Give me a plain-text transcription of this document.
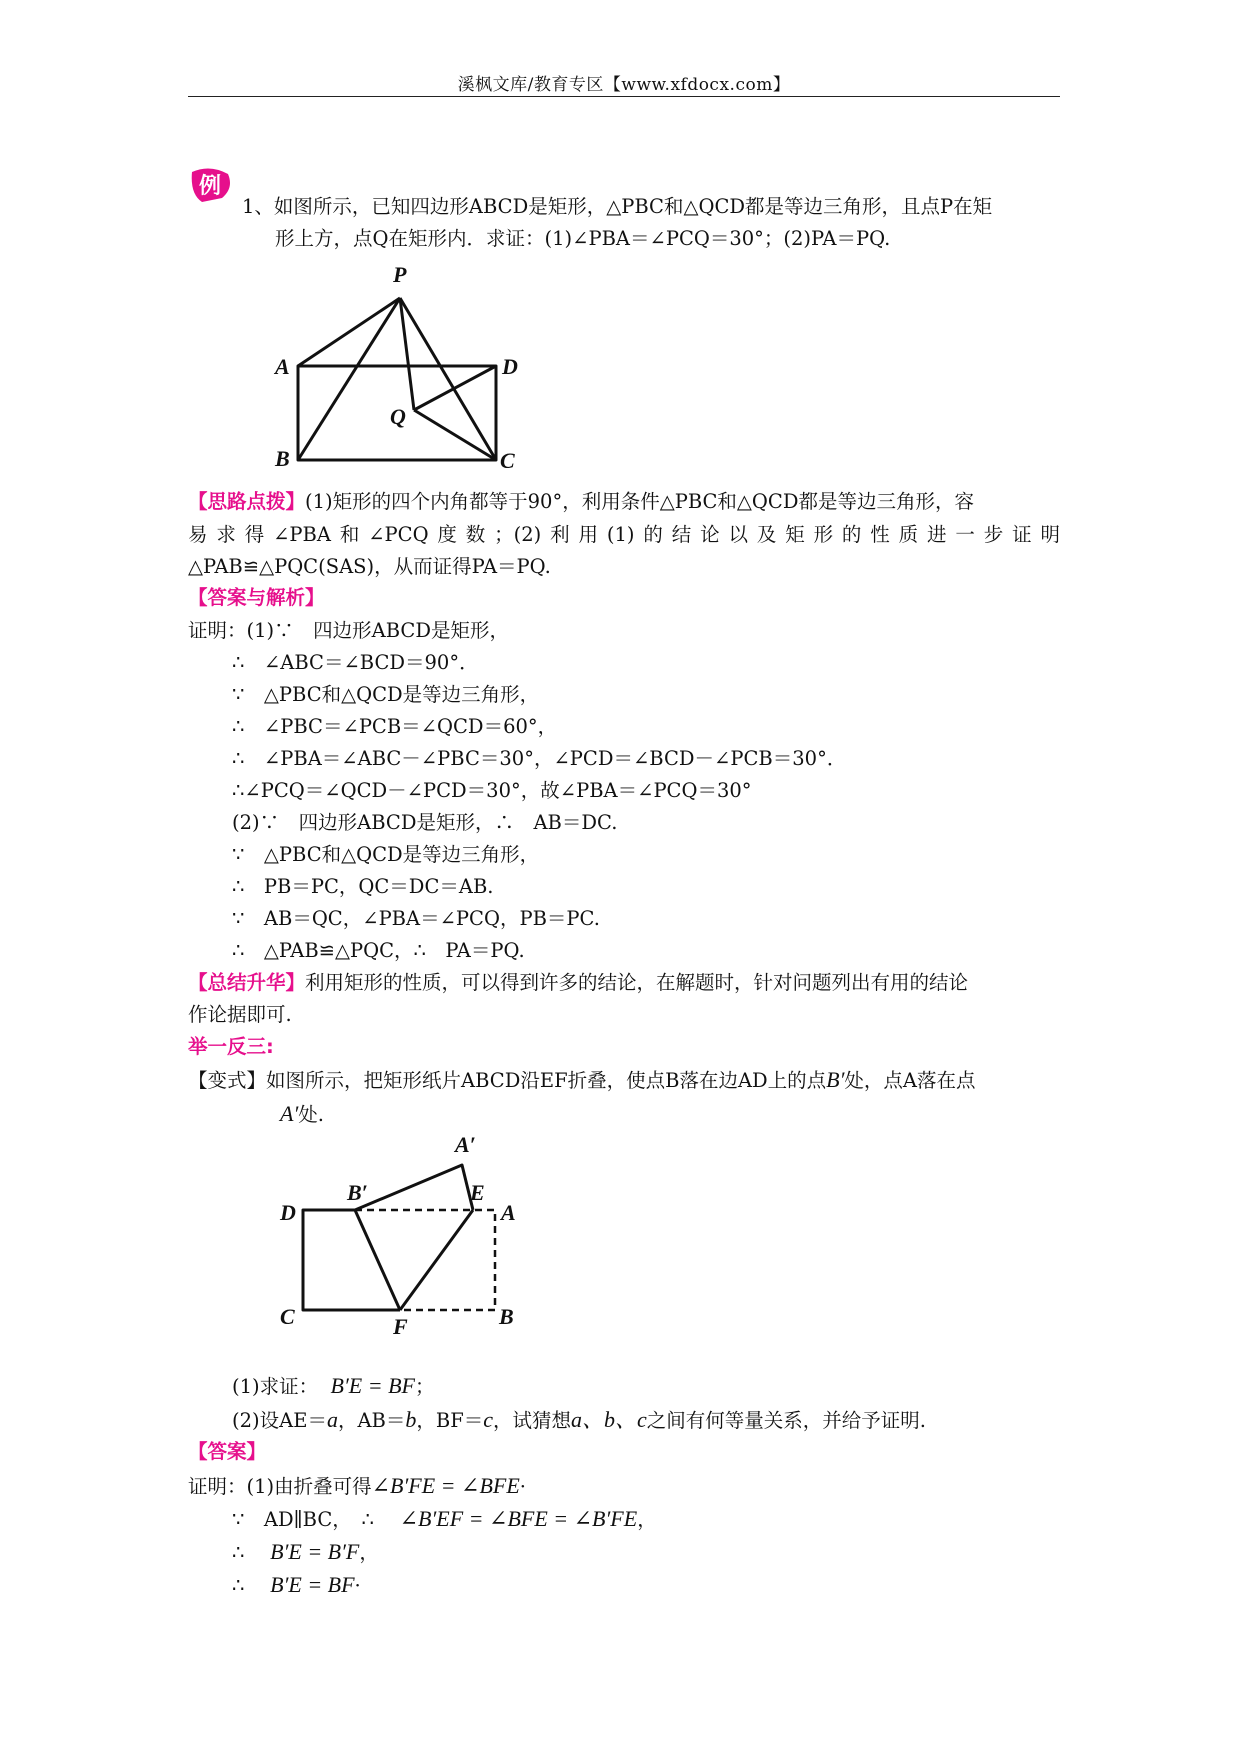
溪枫文库/教育专区【www.xfdocx.com】
例
1、如图所示，已知四边形ABCD是矩形，△PBC和△QCD都是等边三角形，且点P在矩
形上方，点Q在矩形内．求证：(1)∠PBA＝∠PCQ＝30°；(2)PA＝PQ.
P
A	D
Q
B	C
【思路点拨】(1)矩形的四个内角都等于90°，利用条件△PBC和△QCD都是等边三角形，容
易求得∠PBA和∠PCQ度数；(2)利用(1)的结论以及矩形的性质进一步证明
△PAB≌△PQC(SAS)，从而证得PA＝PQ.
【答案与解析】
证明：(1)∵　四边形ABCD是矩形，
∴　∠ABC＝∠BCD＝90°．
∵　△PBC和△QCD是等边三角形，
∴　∠PBC＝∠PCB＝∠QCD＝60°，
∴　∠PBA＝∠ABC－∠PBC＝30°，∠PCD＝∠BCD－∠PCB＝30°．
∴∠PCQ＝∠QCD－∠PCD＝30°，故∠PBA＝∠PCQ＝30°
(2)∵　四边形ABCD是矩形，∴　AB＝DC.
∵　△PBC和△QCD是等边三角形，
∴　PB＝PC，QC＝DC＝AB.
∵　AB＝QC，∠PBA＝∠PCQ，PB＝PC.
∴　△PAB≌△PQC，∴　PA＝PQ.
【总结升华】利用矩形的性质，可以得到许多的结论，在解题时，针对问题列出有用的结论
作论据即可.
举一反三:
【变式】如图所示，把矩形纸片ABCD沿EF折叠，使点B落在边AD上的点B′处，点A落在点
A′处.
A′
B′	E
D	A
C	F	B
(1)求证： B′E = BF；
(2)设AE＝a，AB＝b，BF＝c，试猜想a、b、c之间有何等量关系，并给予证明.
【答案】
证明：(1)由折叠可得∠B′FE = ∠BFE·
∵　AD∥BC，　∴　 ∠B′EF = ∠BFE = ∠B′FE，
∴　 B′E = B′F，
∴　 B′E = BF·
